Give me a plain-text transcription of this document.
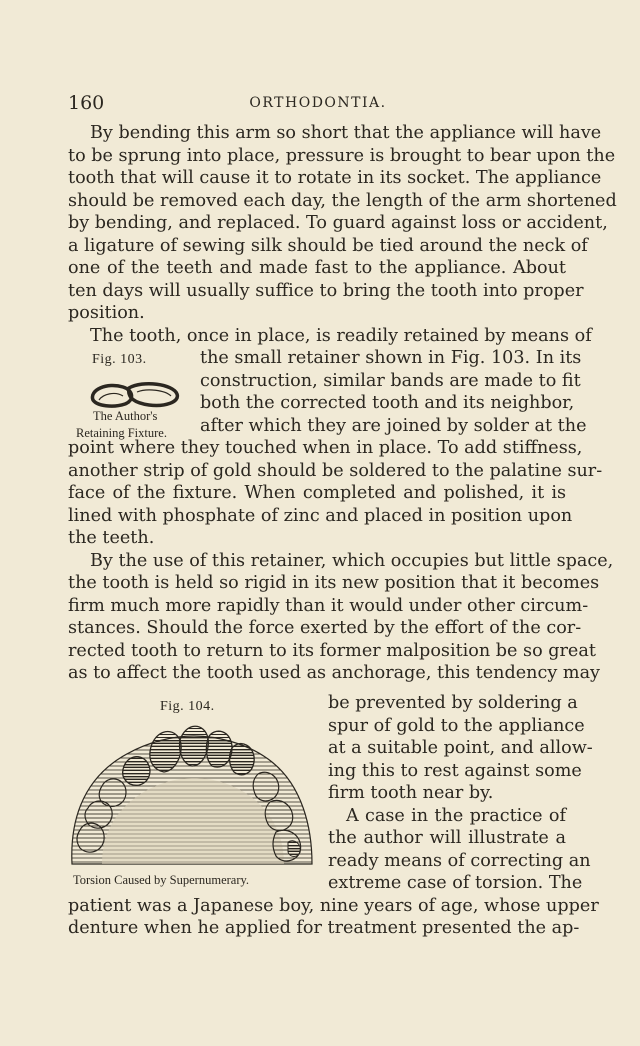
160	ORTHODONTIA.
By bending this arm so short that the appliance will have
to be sprung into place, pressure is brought to bear upon the
tooth that will cause it to rotate in its socket. The appliance
should be removed each day, the length of the arm shortened
by bending, and replaced. To guard against loss or accident,
a ligature of sewing silk should be tied around the neck of
one of the teeth and made fast to the appliance. About
ten days will usually suffice to bring the tooth into proper
position.
The tooth, once in place, is readily retained by means of
Fig. 103.
The Author's
Retaining Fixture.
the small retainer shown in Fig. 103. In its
construction, similar bands are made to fit
both the corrected tooth and its neighbor,
after which they are joined by solder at the
point where they touched when in place. To add stiffness,
another strip of gold should be soldered to the palatine sur-
face of the fixture. When completed and polished, it is
lined with phosphate of zinc and placed in position upon
the teeth.
By the use of this retainer, which occupies but little space,
the tooth is held so rigid in its new position that it becomes
firm much more rapidly than it would under other circum-
stances. Should the force exerted by the effort of the cor-
rected tooth to return to its former malposition be so great
as to affect the tooth used as anchorage, this tendency may
Fig. 104.
Torsion Caused by Supernumerary.
be prevented by soldering a
spur of gold to the appliance
at a suitable point, and allow-
ing this to rest against some
firm tooth near by.
A case in the practice of
the author will illustrate a
ready means of correcting an
extreme case of torsion. The
patient was a Japanese boy, nine years of age, whose upper
denture when he applied for treatment presented the ap-
